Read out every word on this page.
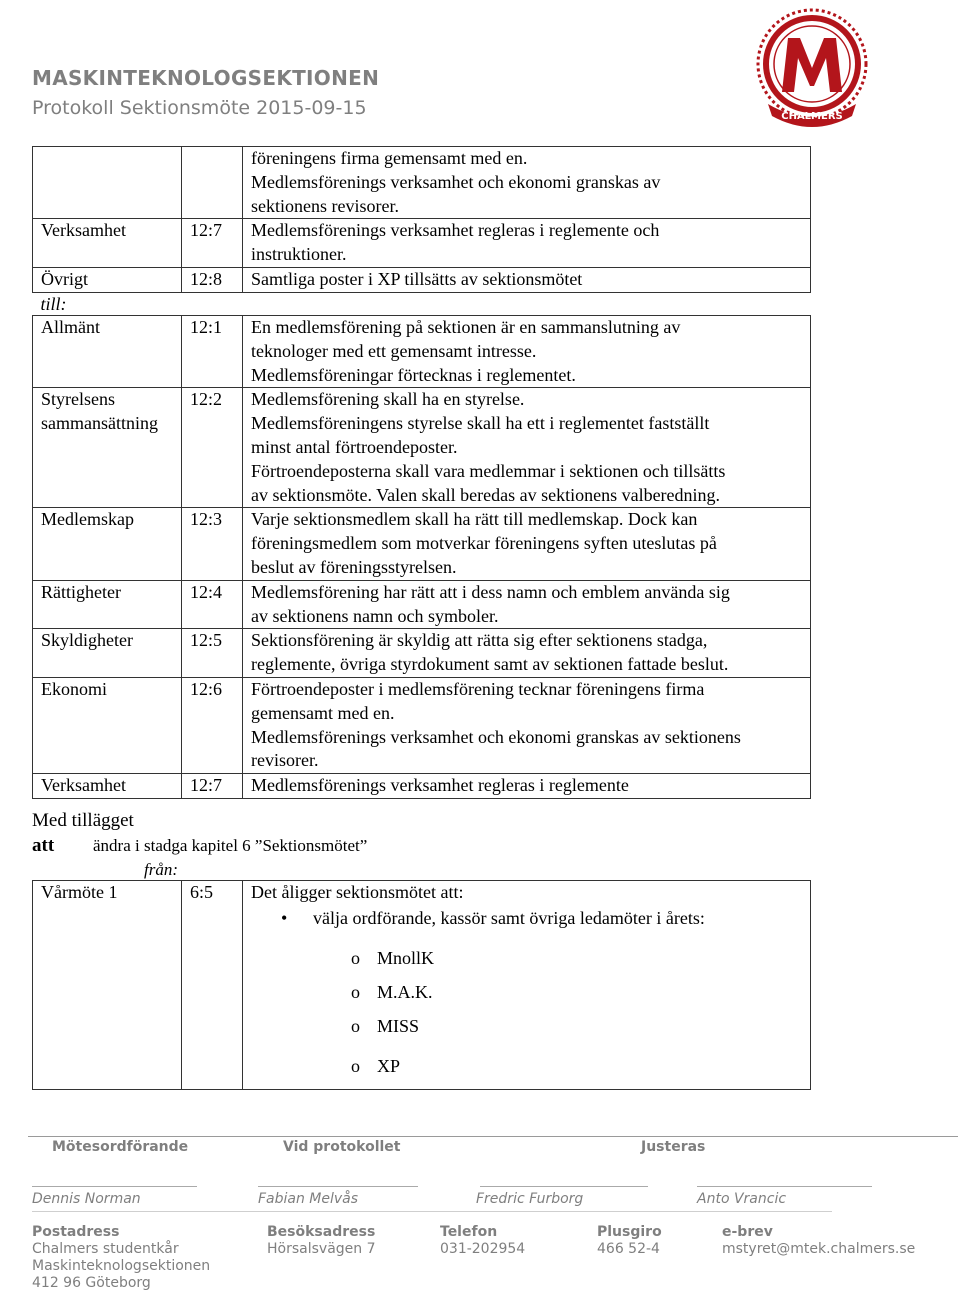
MASKINTEKNOLOGSEKTIONEN
Protokoll Sektionsmöte 2015-09-15	CHALMERS

		föreningens firma gemensamt med en.
Medlemsförenings verksamhet och ekonomi granskas av
sektionens revisorer.

Verksamhet	12:7	Medlemsförenings verksamhet regleras i reglemente och
instruktioner.

Övrigt	12:8	Samtliga poster i XP tillsätts av sektionsmötet

till:		
Allmänt	12:1	En medlemsförening på sektionen är en sammanslutning av
teknologer med ett gemensamt intresse.
Medlemsföreningar förtecknas i reglementet.

Styrelsens sammansättning	12:2	Medlemsförening skall ha en styrelse.
Medlemsföreningens styrelse skall ha ett i reglementet fastställt
minst antal förtroendeposter.
Förtroendeposterna skall vara medlemmar i sektionen och tillsätts
av sektionsmöte. Valen skall beredas av sektionens valberedning.

Medlemskap	12:3	Varje sektionsmedlem skall ha rätt till medlemskap. Dock kan
föreningsmedlem som motverkar föreningens syften uteslutas på
beslut av föreningsstyrelsen.

Rättigheter	12:4	Medlemsförening har rätt att i dess namn och emblem använda sig
av sektionens namn och symboler.

Skyldigheter	12:5	Sektionsförening är skyldig att rätta sig efter sektionens stadga,
reglemente, övriga styrdokument samt av sektionen fattade beslut.

Ekonomi	12:6	Förtroendeposter i medlemsförening tecknar föreningens firma
gemensamt med en.
Medlemsförenings verksamhet och ekonomi granskas av sektionens
revisorer.

Verksamhet	12:7	Medlemsförenings verksamhet regleras i reglemente
Med tillägget
att ändra i stadga kapitel 6 ”Sektionsmötet”
från:
Vårmöte 1	6:5	Det åligger sektionsmötet att:
• välja ordförande, kassör samt övriga ledamöter i årets:
o MnollK
o M.A.K.
o MISS
o XP
Mötesordförande	Vid protokollet	Justeras
Dennis Norman	Fabian Melvås	Fredric Furborg	Anto Vrancic
Postadress
Chalmers studentkår
Maskinteknologsektionen
412 96 Göteborg
Besöksadress
Hörsalsvägen 7
Telefon
031-202954
Plusgiro
466 52-4
e-brev
mstyret@mtek.chalmers.se
